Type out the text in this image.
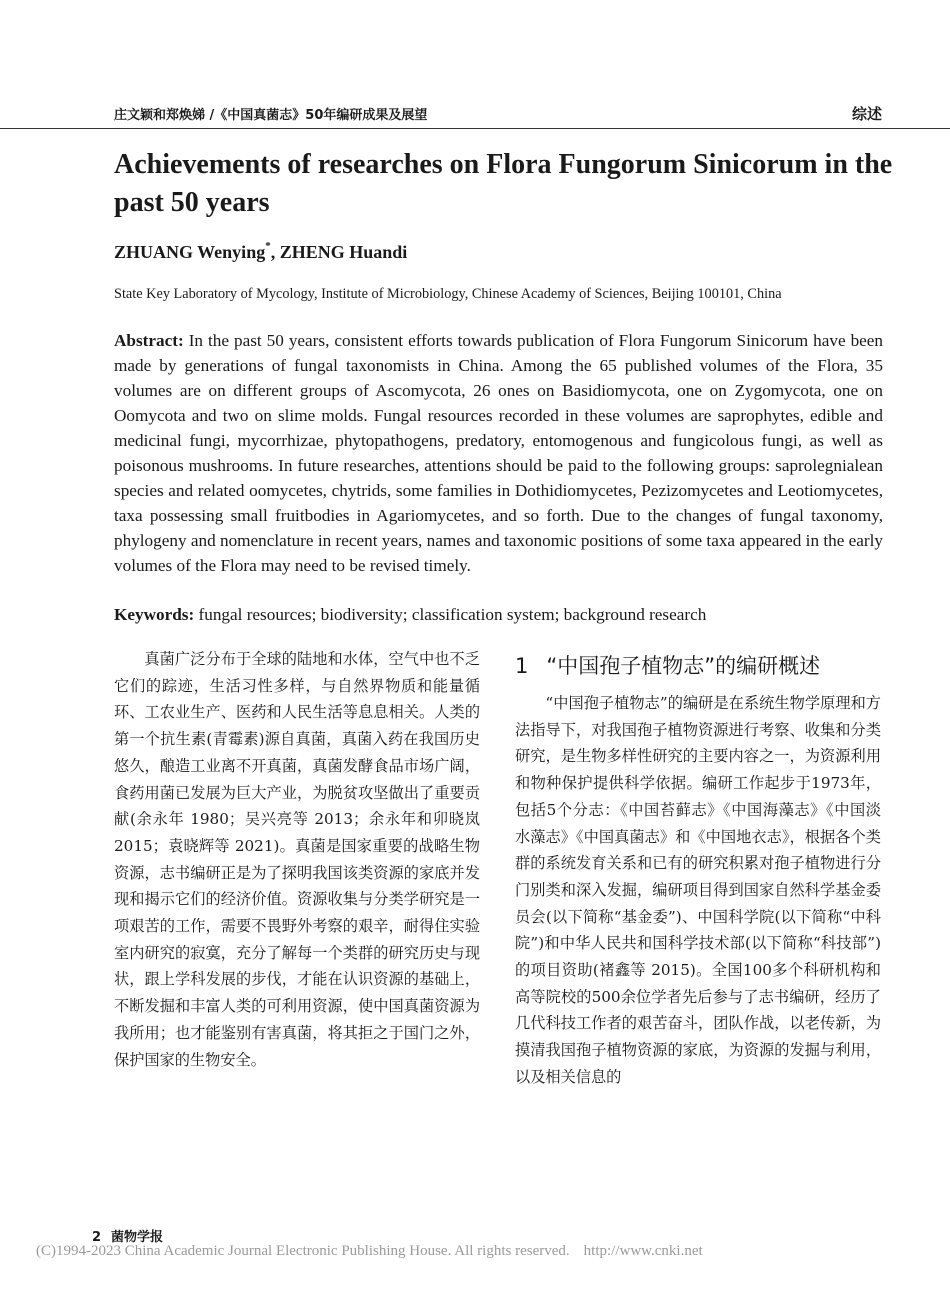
庄文颖和郑焕娣 /《中国真菌志》50年编研成果及展望	综述
Achievements of researches on Flora Fungorum Sinicorum in the past 50 years
ZHUANG Wenying*, ZHENG Huandi
State Key Laboratory of Mycology, Institute of Microbiology, Chinese Academy of Sciences, Beijing 100101, China

Abstract: In the past 50 years, consistent efforts towards publication of Flora Fungorum Sinicorum have been made by generations of fungal taxonomists in China. Among the 65 published volumes of the Flora, 35 volumes are on different groups of Ascomycota, 26 ones on Basidiomycota, one on Zygomycota, one on Oomycota and two on slime molds. Fungal resources recorded in these volumes are saprophytes, edible and medicinal fungi, mycorrhizae, phytopathogens, predatory, entomogenous and fungicolous fungi, as well as poisonous mushrooms. In future researches, attentions should be paid to the following groups: saprolegnialean species and related oomycetes, chytrids, some families in Dothidiomycetes, Pezizomycetes and Leotiomycetes, taxa possessing small fruitbodies in Agariomycetes, and so forth. Due to the changes of fungal taxonomy, phylogeny and nomenclature in recent years, names and taxonomic positions of some taxa appeared in the early volumes of the Flora may need to be revised timely.

Keywords: fungal resources; biodiversity; classification system; background research

真菌广泛分布于全球的陆地和水体，空气中也不乏它们的踪迹，生活习性多样，与自然界物质和能量循环、工农业生产、医药和人民生活等息息相关。人类的第一个抗生素(青霉素)源自真菌，真菌入药在我国历史悠久，酿造工业离不开真菌，真菌发酵食品市场广阔，食药用菌已发展为巨大产业，为脱贫攻坚做出了重要贡献(余永年 1980；吴兴亮等 2013；余永年和卯晓岚 2015；袁晓辉等 2021)。真菌是国家重要的战略生物资源，志书编研正是为了探明我国该类资源的家底并发现和揭示它们的经济价值。资源收集与分类学研究是一项艰苦的工作，需要不畏野外考察的艰辛，耐得住实验室内研究的寂寞，充分了解每一个类群的研究历史与现状，跟上学科发展的步伐，才能在认识资源的基础上，不断发掘和丰富人类的可利用资源，使中国真菌资源为我所用；也才能鉴别有害真菌，将其拒之于国门之外，保护国家的生物安全。

1 “中国孢子植物志”的编研概述

“中国孢子植物志”的编研是在系统生物学原理和方法指导下，对我国孢子植物资源进行考察、收集和分类研究，是生物多样性研究的主要内容之一，为资源利用和物种保护提供科学依据。编研工作起步于1973年，包括5个分志：《中国苔藓志》《中国海藻志》《中国淡水藻志》《中国真菌志》和《中国地衣志》，根据各个类群的系统发育关系和已有的研究积累对孢子植物进行分门别类和深入发掘，编研项目得到国家自然科学基金委员会(以下简称“基金委”)、中国科学院(以下简称“中科院”)和中华人民共和国科学技术部(以下简称“科技部”)的项目资助(褚鑫等 2015)。全国100多个科研机构和高等院校的500余位学者先后参与了志书编研，经历了几代科技工作者的艰苦奋斗，团队作战，以老传新，为摸清我国孢子植物资源的家底，为资源的发掘与利用，以及相关信息的

2 菌物学报
(C)1994-2023 China Academic Journal Electronic Publishing House. All rights reserved. http://www.cnki.net
